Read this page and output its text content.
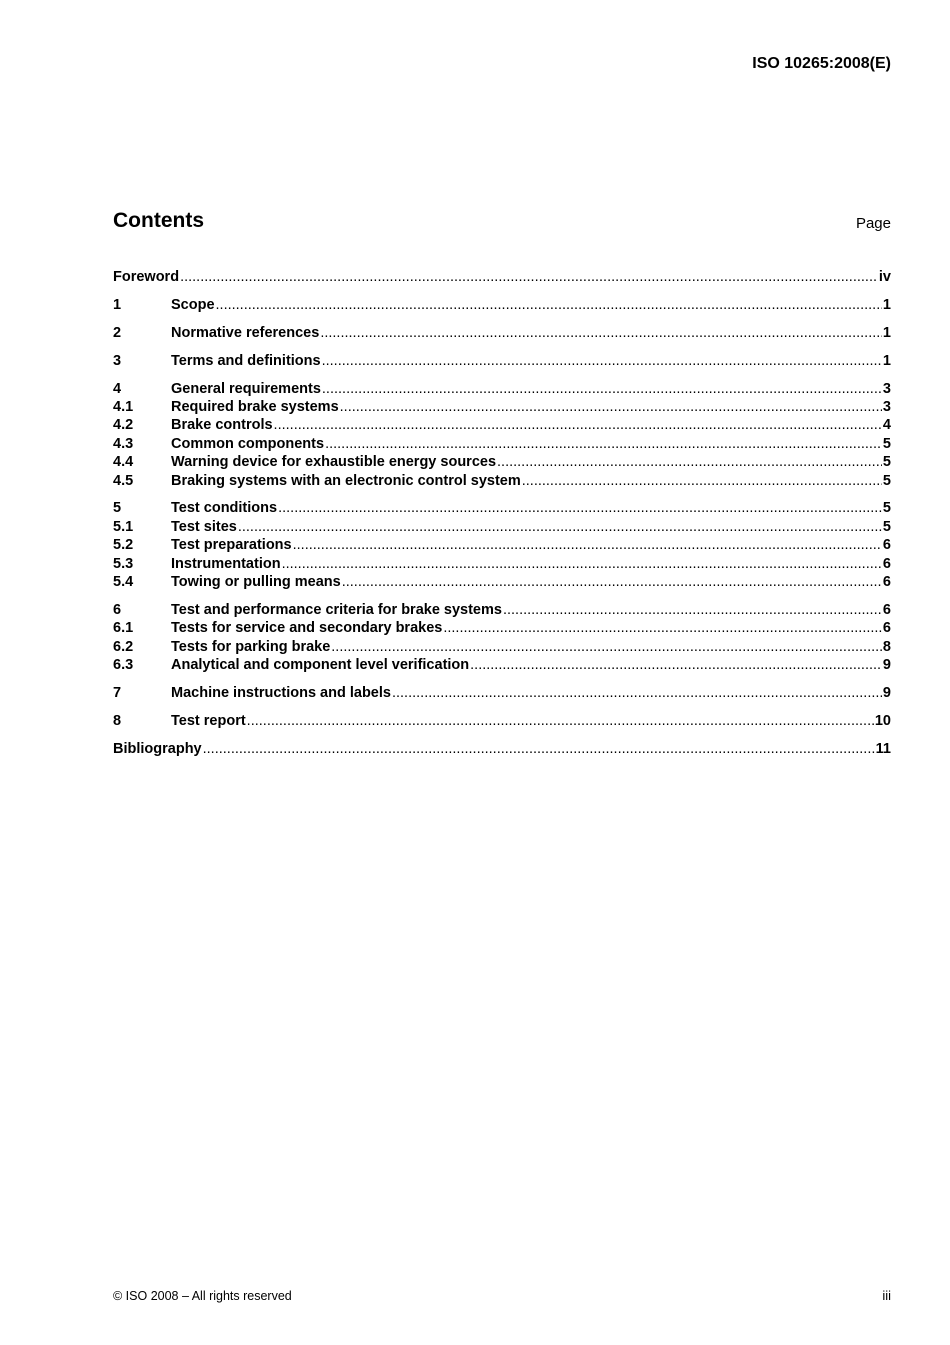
ISO 10265:2008(E)
Contents	Page
Foreword .....	iv
1	Scope .....	1
2	Normative references .....	1
3	Terms and definitions .....	1
4	General requirements .....	3
4.1	Required brake systems .....	3
4.2	Brake controls .....	4
4.3	Common components .....	5
4.4	Warning device for exhaustible energy sources .....	5
4.5	Braking systems with an electronic control system .....	5
5	Test conditions .....	5
5.1	Test sites .....	5
5.2	Test preparations .....	6
5.3	Instrumentation .....	6
5.4	Towing or pulling means .....	6
6	Test and performance criteria for brake systems .....	6
6.1	Tests for service and secondary brakes .....	6
6.2	Tests for parking brake .....	8
6.3	Analytical and component level verification .....	9
7	Machine instructions and labels .....	9
8	Test report .....	10
Bibliography .....	11
© ISO 2008 – All rights reserved	iii
